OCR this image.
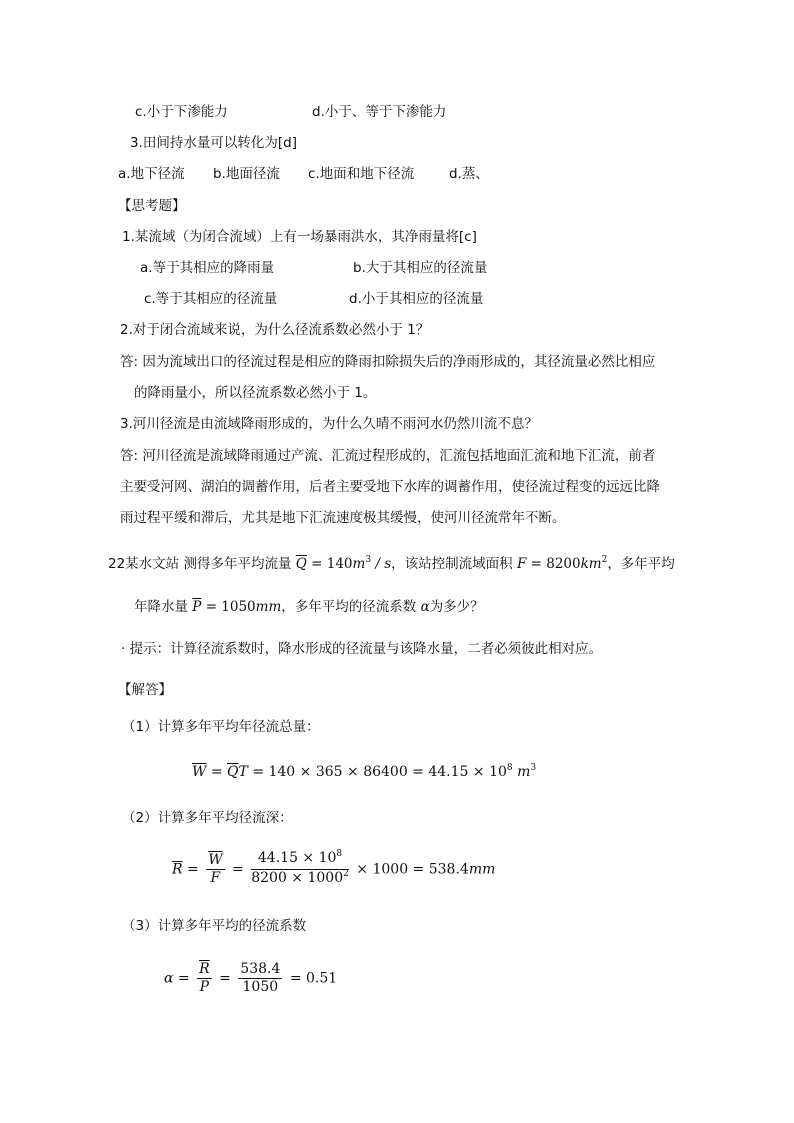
c.小于下渗能力	d.小于、等于下渗能力
3.田间持水量可以转化为[d]
a.地下径流 b.地面径流 c.地面和地下径流	d.蒸、
【思考题】
1.某流域（为闭合流域）上有一场暴雨洪水，其净雨量将[c]
a.等于其相应的降雨量	b.大于其相应的径流量
c.等于其相应的径流量	d.小于其相应的径流量
2.对于闭合流域来说，为什么径流系数必然小于 1？
答: 因为流域出口的径流过程是相应的降雨扣除损失后的净雨形成的，其径流量必然比相应
的降雨量小，所以径流系数必然小于 1。
3.河川径流是由流域降雨形成的，为什么久晴不雨河水仍然川流不息？
答: 河川径流是流域降雨通过产流、汇流过程形成的，汇流包括地面汇流和地下汇流，前者
主要受河网、湖泊的调蓄作用，后者主要受地下水库的调蓄作用，使径流过程变的远远比降
雨过程平缓和滞后，尤其是地下汇流速度极其缓慢，使河川径流常年不断。
22某水文站 测得多年平均流量 $\overline{Q} = 140m^3 / s$，该站控制流域面积 $F = 8200km^2$，多年平均
年降水量 $\overline{P} = 1050mm$，多年平均的径流系数 α为多少？
· 提示：计算径流系数时，降水形成的径流量与该降水量，二者必须彼此相对应。
【解答】
（1）计算多年平均年径流总量：
$\overline{W} = \overline{Q}T = 140 \times 365 \times 86400 = 44.15 \times 10^8$ $m^3$
（2）计算多年平均径流深：
$\overline{R} = \frac{\overline{W}}{F} = \frac{44.15 \times 10^8}{8200 \times 1000^2} \times 1000 = 538.4mm$
（3）计算多年平均的径流系数
$\alpha = \frac{\overline{R}}{P} = \frac{538.4}{1050} = 0.51$
